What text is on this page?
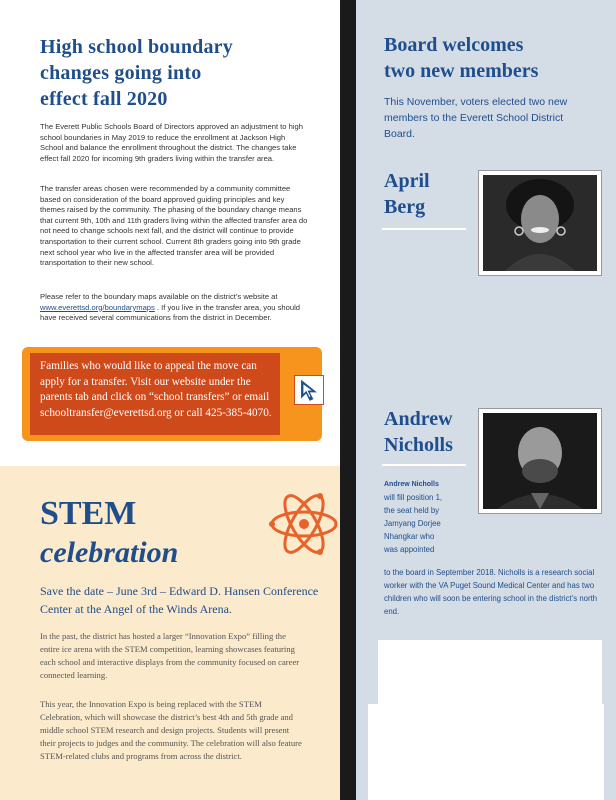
High school boundary
changes going into
effect fall 2020

The Everett Public Schools Board of Directors approved an adjustment to high school boundaries in May 2019 to reduce the enrollment at Jackson High School and balance the enrollment throughout the district. The changes take effect fall 2020 for incoming 9th graders living within the transfer area.

The transfer areas chosen were recommended by a community committee based on consideration of the board approved guiding principles and key themes raised by the community. The phasing of the boundary change means that current 9th, 10th and 11th graders living within the affected transfer area do not need to change schools next fall, and the district will continue to provide transportation to their current school. Current 8th graders going into 9th grade next school year who live in the affected transfer area will be provided transportation to their new school.

Please refer to the boundary maps available on the district’s website at www.everettsd.org/boundarymaps . If you live in the transfer area, you should have received several communications from the district in December.

Families who would like to appeal the move can apply for a transfer. Visit our website under the parents tab and click on “school transfers” or email schooltransfer@everettsd.org or call 425-385-4070.

STEM
celebration

Save the date – June 3rd – Edward D. Hansen Conference Center at the Angel of the Winds Arena.

In the past, the district has hosted a larger “Innovation Expo” filling the entire ice arena with the STEM competition, learning showcases featuring each school and interactive displays from the community focused on career connected learning.

This year, the Innovation Expo is being replaced with the STEM Celebration, which will showcase the district’s best 4th and 5th grade and middle school STEM research and design projects. Students will present their projects to judges and the community. The celebration will also feature STEM-related clubs and programs from across the district.

Board welcomes
two new members

This November, voters elected two new members to the Everett School District Board.

April
Berg
Andrew
Nicholls
Andrew Nicholls
will fill position 1,
the seat held by
Jamyang Dorjee
Nhangkar who
was appointed

to the board in September 2018. Nicholls is a research social worker with the VA Puget Sound Medical Center and has two children who will soon be entering school in the district’s north end.
